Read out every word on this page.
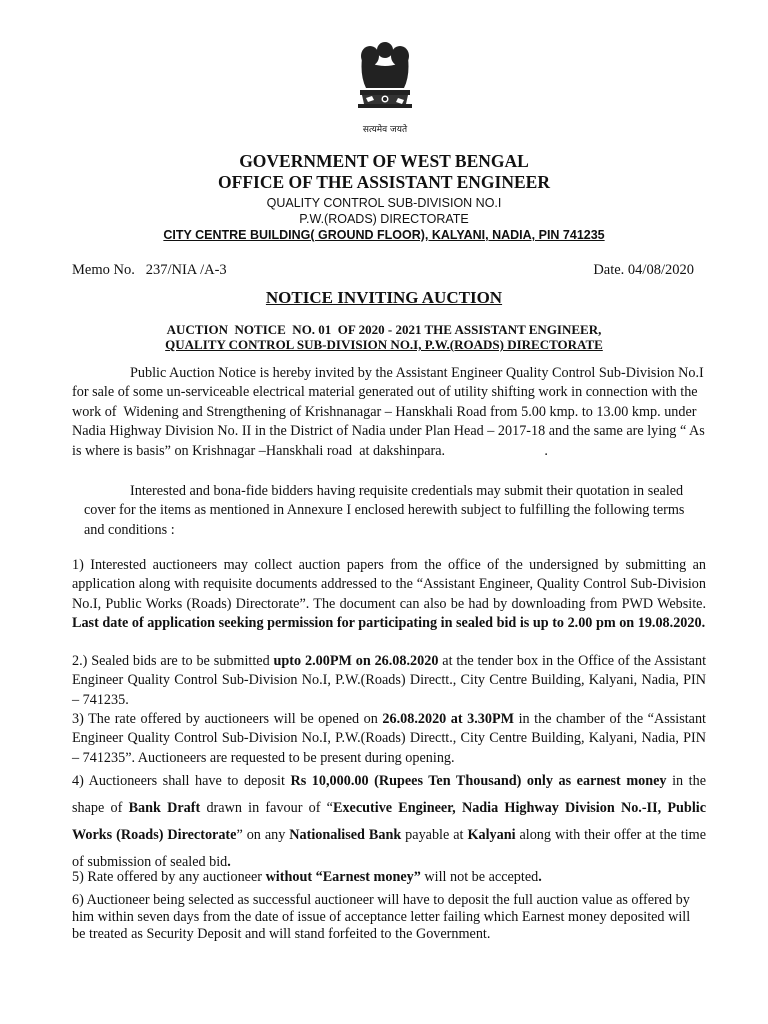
सत्यमेव जयते
GOVERNMENT OF WEST BENGAL
OFFICE OF THE ASSISTANT ENGINEER
QUALITY CONTROL SUB-DIVISION NO.I
P.W.(ROADS) DIRECTORATE
CITY CENTRE BUILDING( GROUND FLOOR), KALYANI, NADIA, PIN 741235
Memo No.   237/NIA /A-3	Date. 04/08/2020
NOTICE INVITING AUCTION
AUCTION  NOTICE  NO. 01  OF 2020 - 2021 THE ASSISTANT ENGINEER,
QUALITY CONTROL SUB-DIVISION NO.I, P.W.(ROADS) DIRECTORATE
Public Auction Notice is hereby invited by the Assistant Engineer Quality Control Sub-Division No.I for sale of some un-serviceable electrical material generated out of utility shifting work in connection with the work of  Widening and Strengthening of Krishnanagar – Hanskhali Road from 5.00 kmp. to 13.00 kmp. under Nadia Highway Division No. II in the District of Nadia under Plan Head – 2017-18 and the same are lying “ As is where is basis” on Krishnagar –Hanskhali road  at dakshinpara.                            .
Interested and bona-fide bidders having requisite credentials may submit their quotation in sealed cover for the items as mentioned in Annexure I enclosed herewith subject to fulfilling the following terms and conditions :
1) Interested auctioneers may collect auction papers from the office of the undersigned by submitting an application along with requisite documents addressed to the “Assistant Engineer, Quality Control Sub-Division No.I, Public Works (Roads) Directorate”. The document can also be had by downloading from PWD Website. Last date of application seeking permission for participating in sealed bid is up to 2.00 pm on 19.08.2020.
2.) Sealed bids are to be submitted upto 2.00PM on 26.08.2020 at the tender box in the Office of the Assistant Engineer Quality Control Sub-Division No.I, P.W.(Roads) Directt., City Centre Building, Kalyani, Nadia, PIN – 741235.
3) The rate offered by auctioneers will be opened on 26.08.2020 at 3.30PM in the chamber of the “Assistant Engineer Quality Control Sub-Division No.I, P.W.(Roads) Directt., City Centre Building, Kalyani, Nadia, PIN – 741235”. Auctioneers are requested to be present during opening.
4) Auctioneers shall have to deposit Rs 10,000.00 (Rupees Ten Thousand) only as earnest money in the shape of Bank Draft drawn in favour of “Executive Engineer, Nadia Highway Division No.-II, Public Works (Roads) Directorate” on any Nationalised Bank payable at Kalyani along with their offer at the time of submission of sealed bid.
5) Rate offered by any auctioneer without “Earnest money” will not be accepted.
6) Auctioneer being selected as successful auctioneer will have to deposit the full auction value as offered by him within seven days from the date of issue of acceptance letter failing which Earnest money deposited will be treated as Security Deposit and will stand forfeited to the Government.
